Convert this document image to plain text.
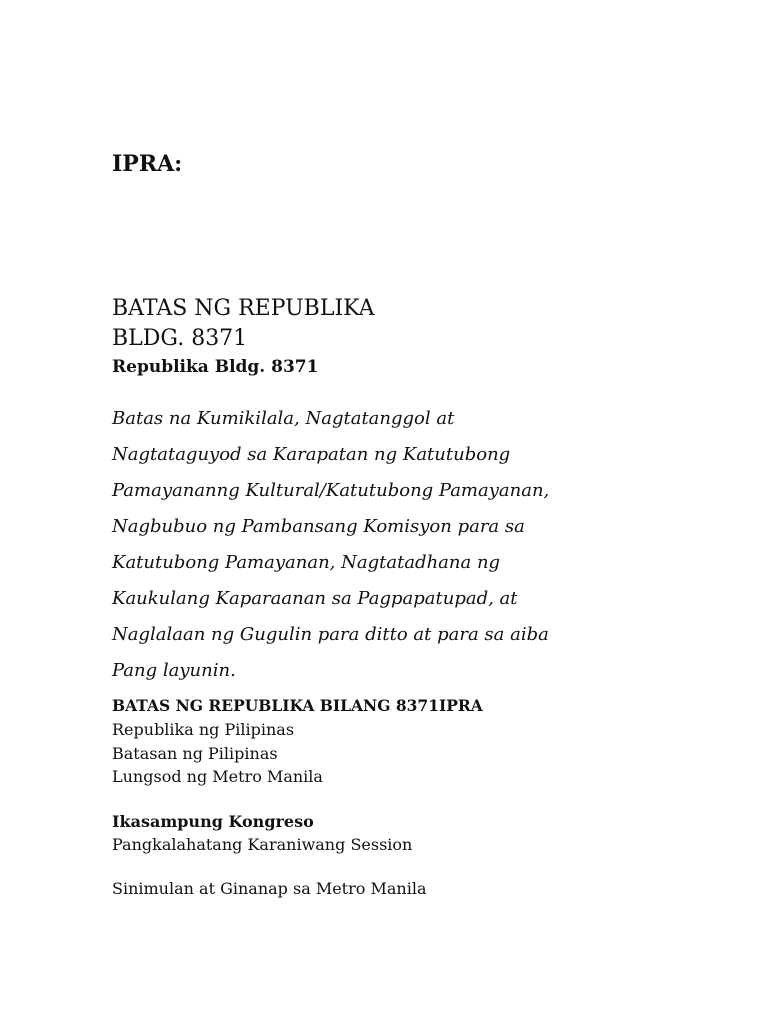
IPRA:
BATAS NG REPUBLIKA
BLDG. 8371
Republika Bldg. 8371
Batas na Kumikilala, Nagtatanggol at
Nagtataguyod sa Karapatan ng Katutubong
Pamayananng Kultural/Katutubong Pamayanan,
Nagbubuo ng Pambansang Komisyon para sa
Katutubong Pamayanan, Nagtatadhana ng
Kaukulang Kaparaanan sa Pagpapatupad, at
Naglalaan ng Gugulin para ditto at para sa aiba
Pang layunin.
BATAS NG REPUBLIKA BILANG 8371IPRA
Republika ng Pilipinas
Batasan ng Pilipinas
Lungsod ng Metro Manila
Ikasampung Kongreso
Pangkalahatang Karaniwang Session
Sinimulan at Ginanap sa Metro Manila
